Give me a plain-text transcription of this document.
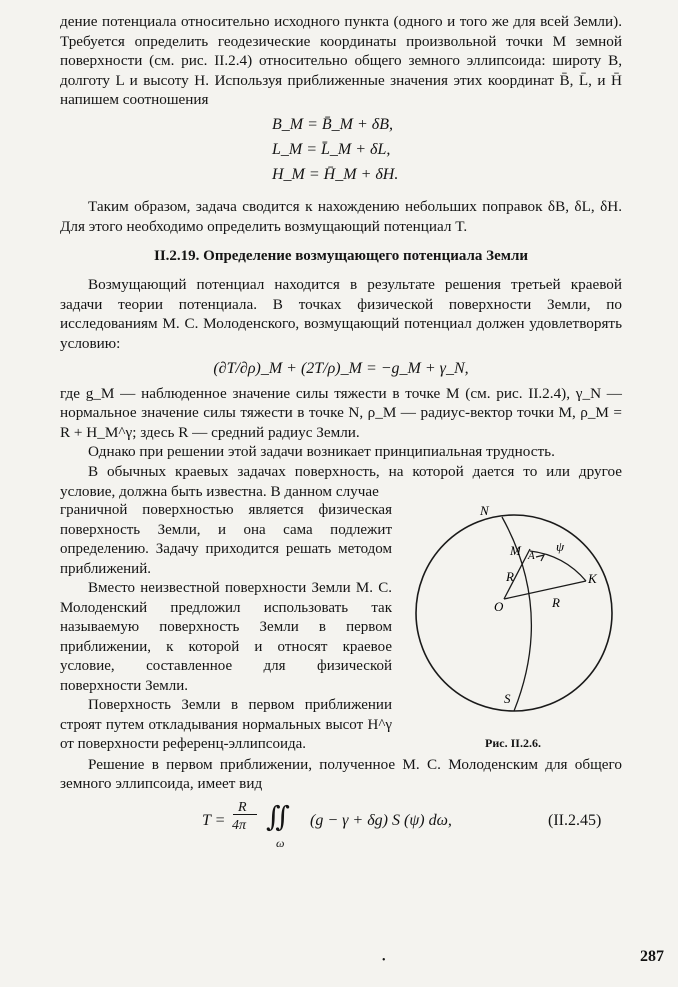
дение потенциала относительно исходного пункта (одного и того же для всей Земли). Требуется определить геодезические координаты произвольной точки M земной поверхности (см. рис. II.2.4) относительно общего земного эллипсоида: широту B, долготу L и высоту H. Используя приближенные значения этих координат B̄, L̄, и H̄ напишем соотношения

B_M = B̄_M + δB,
L_M = L̄_M + δL,
H_M = H̄_M + δH.

Таким образом, задача сводится к нахождению небольших поправок δB, δL, δH. Для этого необходимо определить возмущающий потенциал T.

II.2.19. Определение возмущающего потенциала Земли

Возмущающий потенциал находится в результате решения третьей краевой задачи теории потенциала. В точках физической поверхности Земли, по исследованиям М. С. Молоденского, возмущающий потенциал должен удовлетворять условию:

(∂T/∂ρ)_M + (2T/ρ)_M = −g_M + γ_N,

где g_M — наблюденное значение силы тяжести в точке M (см. рис. II.2.4), γ_N — нормальное значение силы тяжести в точке N, ρ_M — радиус-вектор точки M, ρ_M = R + H_M^γ; здесь R — средний радиус Земли.

Однако при решении этой задачи возникает принципиальная трудность.

В обычных краевых задачах поверхность, на которой дается то или другое условие, должна быть известна. В данном случае

граничной поверхностью является физическая поверхность Земли, и она сама подлежит определению. Задачу приходится решать методом приближений.

Вместо неизвестной поверхности Земли М. С. Молоденский предложил использовать так называемую поверхность Земли в первом приближении, к которой и относят краевое условие, составленное для физической поверхности Земли.

Поверхность Земли в первом приближении строят путем откладывания нормальных высот H^γ от поверхности референц-эллипсоида.

N
M A
ψ
K
R
O	R
S
Рис. II.2.6.

Решение в первом приближении, полученное М. С. Молоденским для общего земного эллипсоида, имеет вид

T =
R
4π ∬
ω
(g − γ + δg) S (ψ) dω,	(II.2.45)
•	287
